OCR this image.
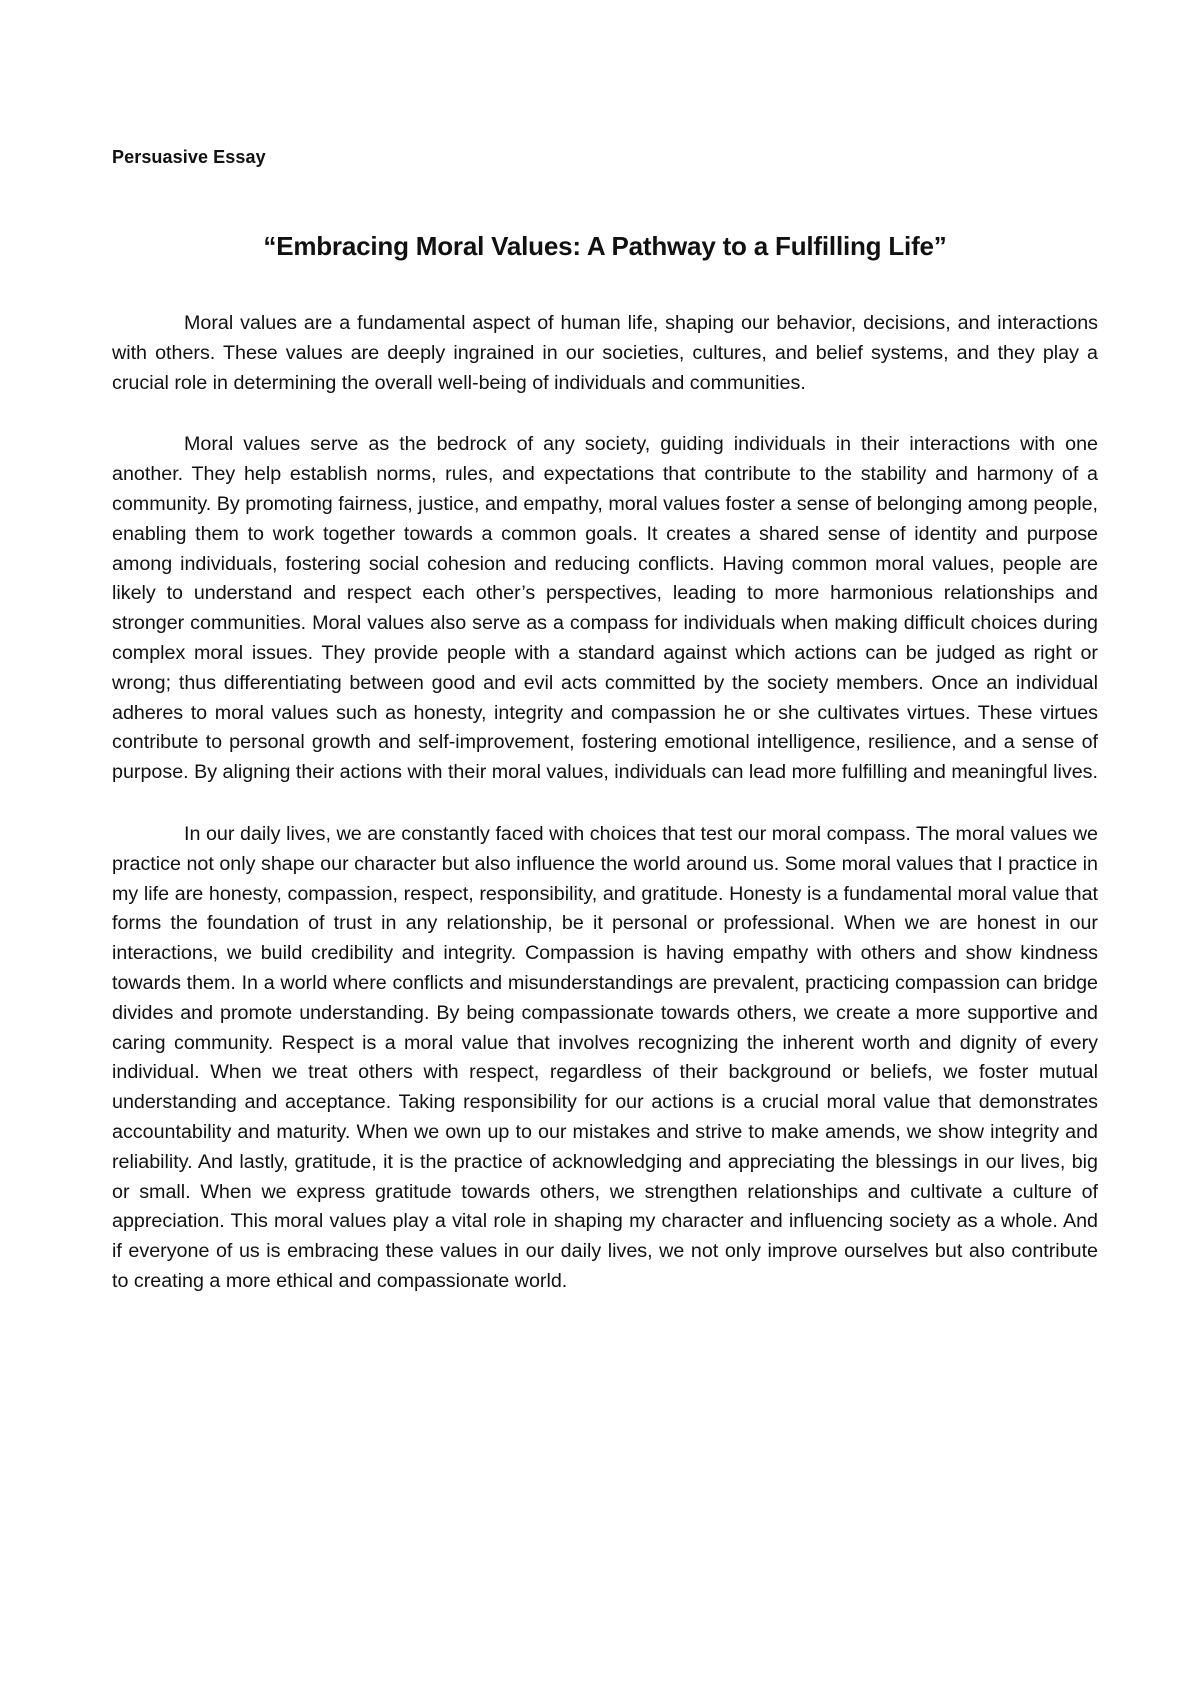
Persuasive Essay
“Embracing Moral Values: A Pathway to a Fulfilling Life”

Moral values are a fundamental aspect of human life, shaping our behavior, decisions, and interactions with others. These values are deeply ingrained in our societies, cultures, and belief systems, and they play a crucial role in determining the overall well-being of individuals and communities.

Moral values serve as the bedrock of any society, guiding individuals in their interactions with one another. They help establish norms, rules, and expectations that contribute to the stability and harmony of a community. By promoting fairness, justice, and empathy, moral values foster a sense of belonging among people, enabling them to work together towards a common goals. It creates a shared sense of identity and purpose among individuals, fostering social cohesion and reducing conflicts. Having common moral values, people are likely to understand and respect each other’s perspectives, leading to more harmonious relationships and stronger communities. Moral values also serve as a compass for individuals when making difficult choices during complex moral issues. They provide people with a standard against which actions can be judged as right or wrong; thus differentiating between good and evil acts committed by the society members. Once an individual adheres to moral values such as honesty, integrity and compassion he or she cultivates virtues. These virtues contribute to personal growth and self-improvement, fostering emotional intelligence, resilience, and a sense of purpose. By aligning their actions with their moral values, individuals can lead more fulfilling and meaningful lives.

In our daily lives, we are constantly faced with choices that test our moral compass. The moral values we practice not only shape our character but also influence the world around us. Some moral values that I practice in my life are honesty, compassion, respect, responsibility, and gratitude. Honesty is a fundamental moral value that forms the foundation of trust in any relationship, be it personal or professional. When we are honest in our interactions, we build credibility and integrity. Compassion is having empathy with others and show kindness towards them. In a world where conflicts and misunderstandings are prevalent, practicing compassion can bridge divides and promote understanding. By being compassionate towards others, we create a more supportive and caring community. Respect is a moral value that involves recognizing the inherent worth and dignity of every individual. When we treat others with respect, regardless of their background or beliefs, we foster mutual understanding and acceptance. Taking responsibility for our actions is a crucial moral value that demonstrates accountability and maturity. When we own up to our mistakes and strive to make amends, we show integrity and reliability. And lastly, gratitude, it is the practice of acknowledging and appreciating the blessings in our lives, big or small. When we express gratitude towards others, we strengthen relationships and cultivate a culture of appreciation. This moral values play a vital role in shaping my character and influencing society as a whole. And if everyone of us is embracing these values in our daily lives, we not only improve ourselves but also contribute to creating a more ethical and compassionate world.
